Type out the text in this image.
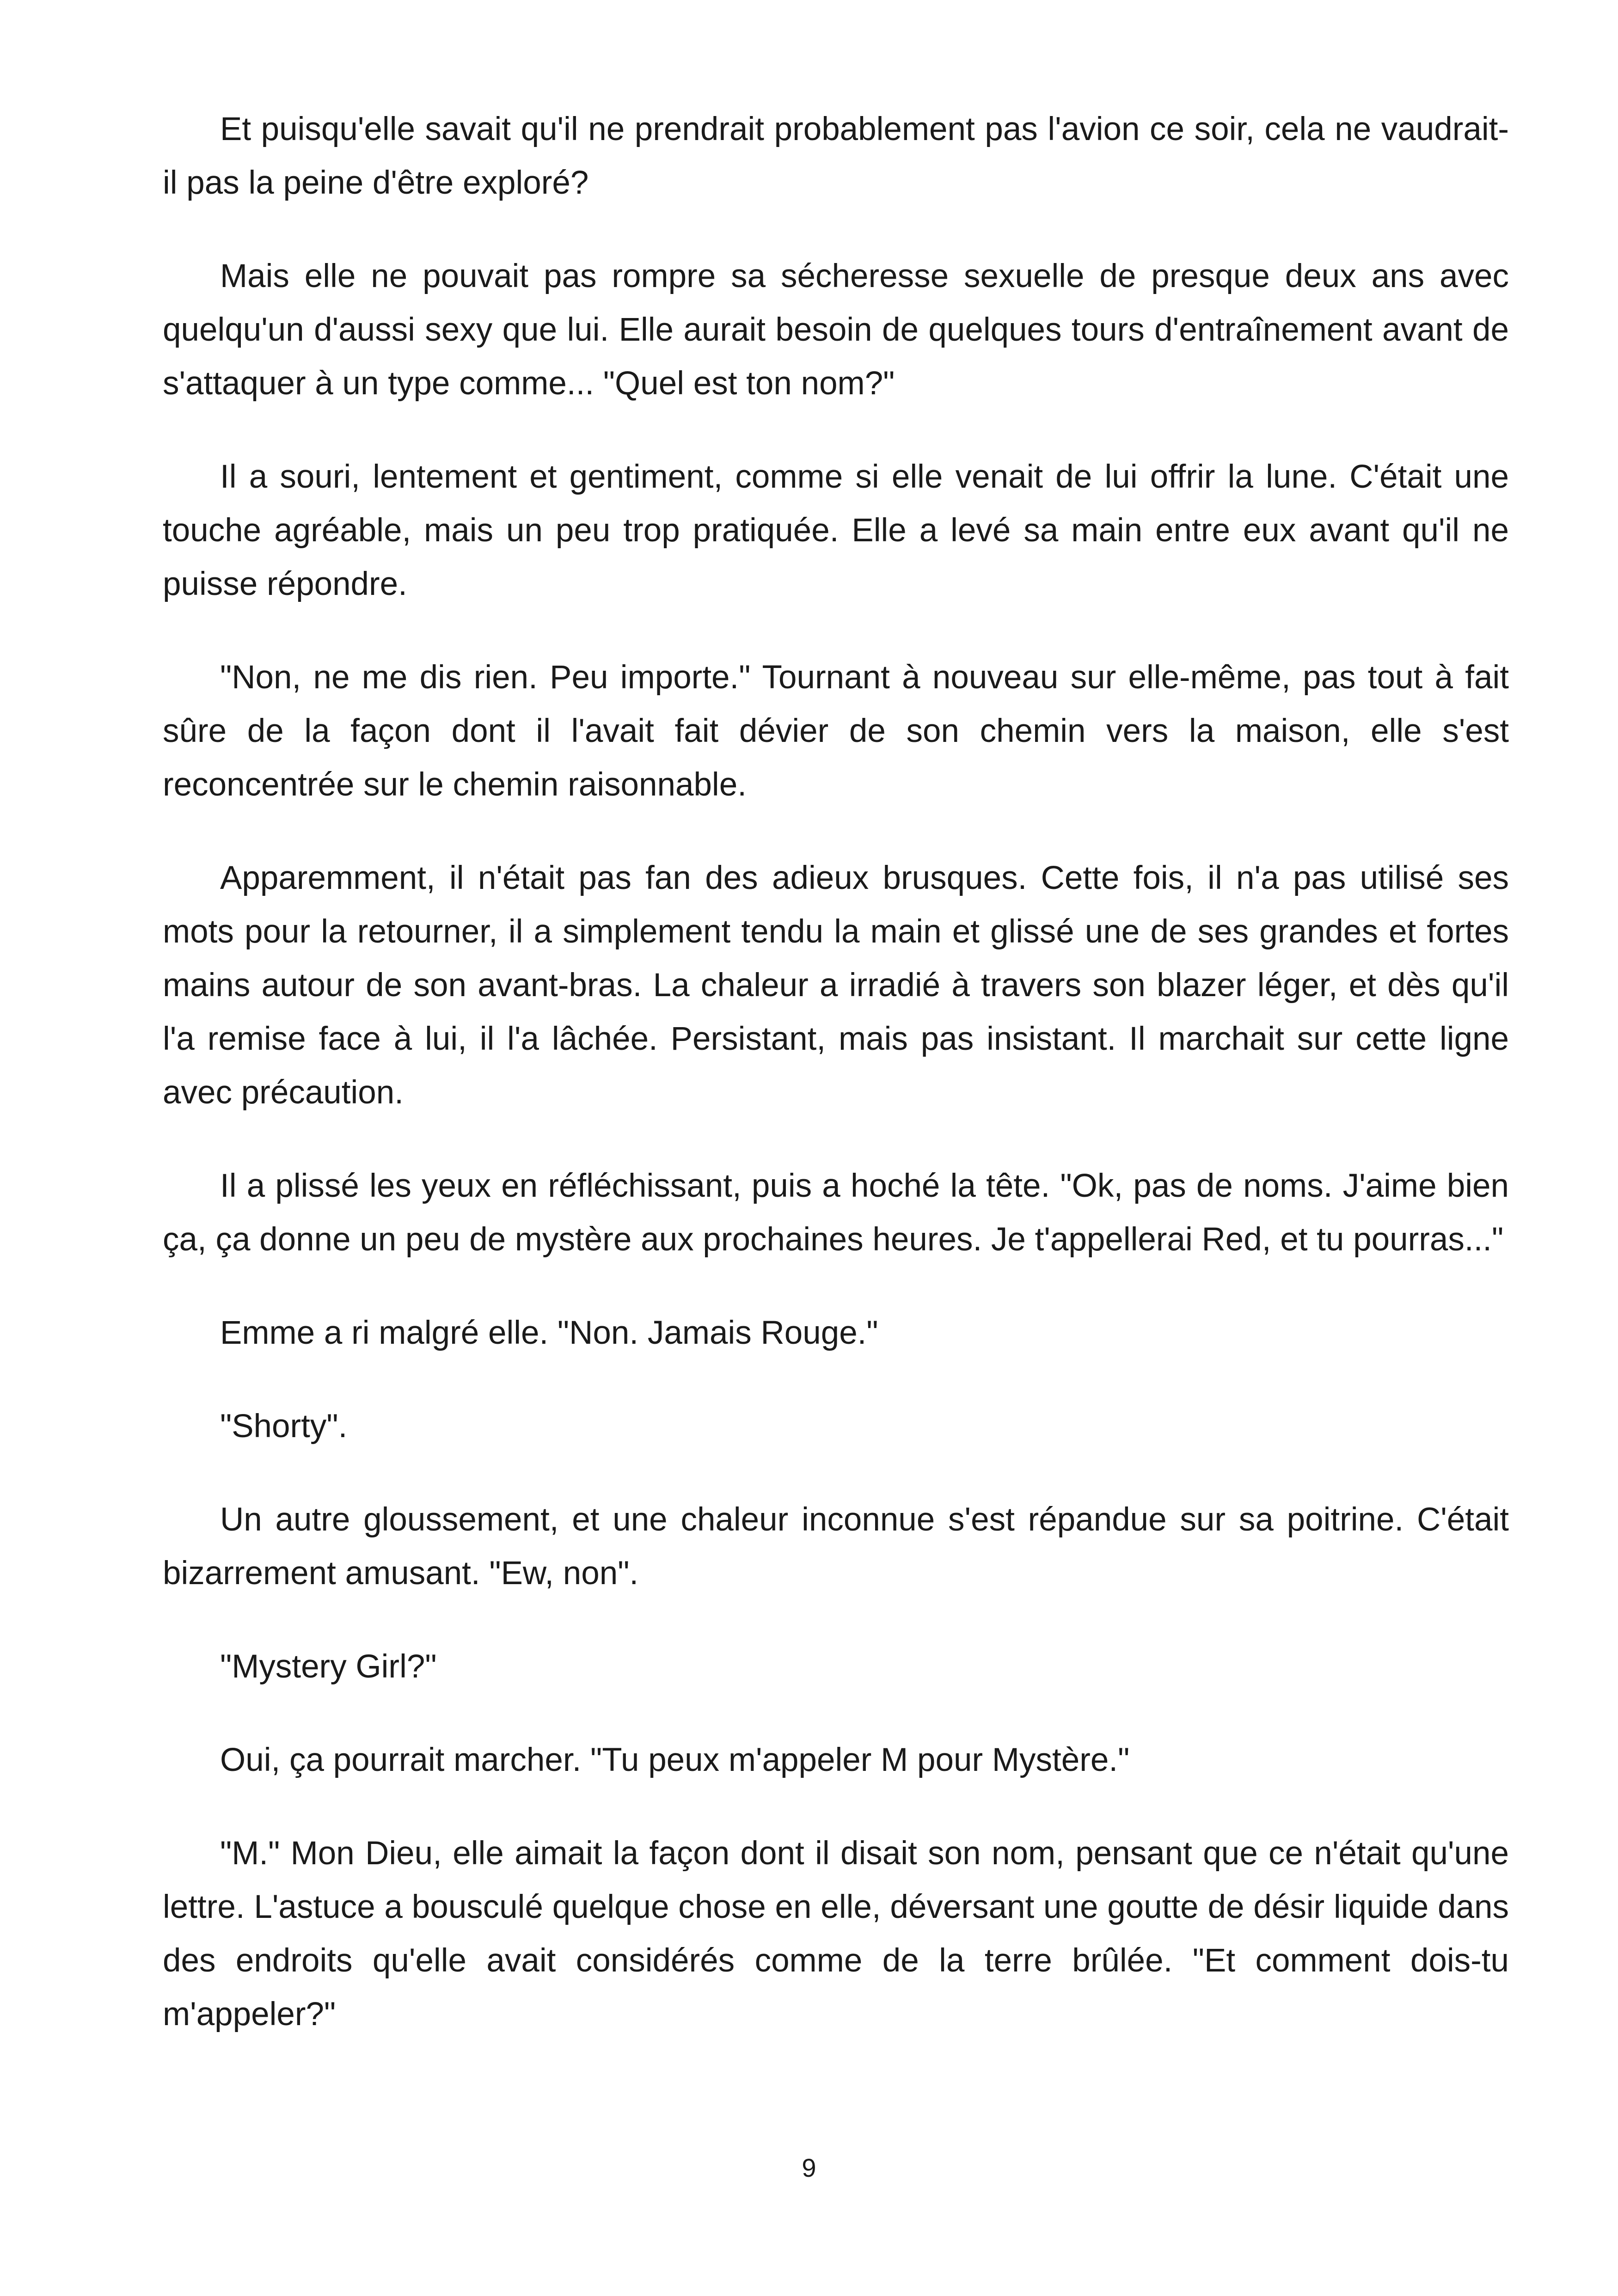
Et puisqu'elle savait qu'il ne prendrait probablement pas l'avion ce soir, cela ne vaudrait-il pas la peine d'être exploré?

Mais elle ne pouvait pas rompre sa sécheresse sexuelle de presque deux ans avec quelqu'un d'aussi sexy que lui. Elle aurait besoin de quelques tours d'entraînement avant de s'attaquer à un type comme... "Quel est ton nom?"

Il a souri, lentement et gentiment, comme si elle venait de lui offrir la lune. C'était une touche agréable, mais un peu trop pratiquée. Elle a levé sa main entre eux avant qu'il ne puisse répondre.

"Non, ne me dis rien. Peu importe." Tournant à nouveau sur elle-même, pas tout à fait sûre de la façon dont il l'avait fait dévier de son chemin vers la maison, elle s'est reconcentrée sur le chemin raisonnable.

Apparemment, il n'était pas fan des adieux brusques. Cette fois, il n'a pas utilisé ses mots pour la retourner, il a simplement tendu la main et glissé une de ses grandes et fortes mains autour de son avant-bras. La chaleur a irradié à travers son blazer léger, et dès qu'il l'a remise face à lui, il l'a lâchée. Persistant, mais pas insistant. Il marchait sur cette ligne avec précaution.

Il a plissé les yeux en réfléchissant, puis a hoché la tête. "Ok, pas de noms. J'aime bien ça, ça donne un peu de mystère aux prochaines heures. Je t'appellerai Red, et tu pourras..."

Emme a ri malgré elle. "Non. Jamais Rouge."

"Shorty".

Un autre gloussement, et une chaleur inconnue s'est répandue sur sa poitrine. C'était bizarrement amusant. "Ew, non".

"Mystery Girl?"

Oui, ça pourrait marcher. "Tu peux m'appeler M pour Mystère."

"M." Mon Dieu, elle aimait la façon dont il disait son nom, pensant que ce n'était qu'une lettre. L'astuce a bousculé quelque chose en elle, déversant une goutte de désir liquide dans des endroits qu'elle avait considérés comme de la terre brûlée. "Et comment dois-tu m'appeler?"

9
